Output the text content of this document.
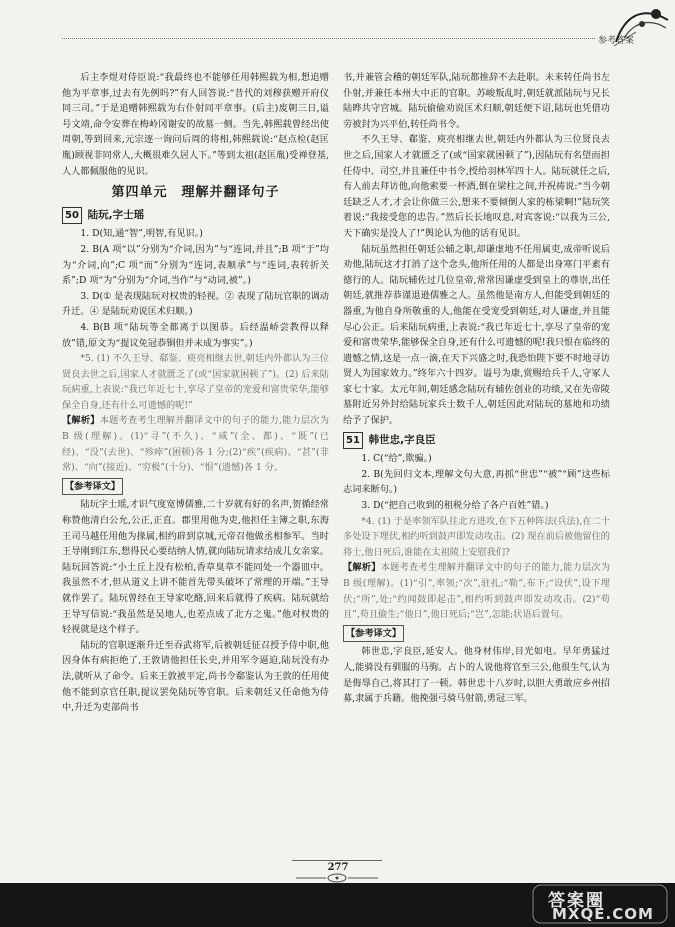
参考答案

后主李煜对侍臣说:“我最终也不能够任用韩熙载为相,想追赠他为平章事,过去有先例吗?”有人回答说:“昔代的刘穆获赠开府仪同三司。”于是追赠韩熙载为右仆射同平章事。(后主)废朝三日,谥号文靖,命令安葬在梅岭冈谢安的故墓一侧。当先,韩熙载曾经出使周朝,等到回来,元宗逐一询问后周的将相,韩熙载说:“赵点检(赵匡胤)顾视非同常人,大概很难久居人下。”等到太祖(赵匡胤)受禅登基,人人都佩服他的见识。

第四单元　理解并翻译句子
50 陆玩,字士瑶

1. D(知,通“智”,明智,有见识。)

2. B(A 项“以”分别为“介词,因为”与“连词,并且”;B 项“于”均为“介词,向”;C 项“而”分别为“连词,表顺承”与“连词,表转折关系”;D 项“为”分别为“介词,当作”与“动词,被”。)

3. D(① 是表现陆玩对权贵的轻视。② 表现了陆玩官职的调动升迁。④ 是陆玩劝说匡术归顺。)

4. B(B 项“陆玩等全都离于以图恭。后经温峤尝教得以释放”错,原文为“提议免冠恭铜但并未成为事实”。)

*5. (1) 不久王导、郗鉴、庾亮相继去世,朝廷内外都认为三位贤良去世之后,国家人才就匮乏了(或“国家就困顿了”)。(2) 后来陆玩病重,上表说:“我已年近七十,享尽了皇帝的宠爱和富贵荣华,能够保全自身,还有什么可遗憾的呢!”

【解析】本题考查考生理解并翻译文中的句子的能力,能力层次为 B 级(理解)。(1)“寻”(不久)、“咸”(全、都)、“既”(已经)、“没”(去世)、“殄瘁”(困顿)各 1 分;(2)“疾”(疾病)、“甚”(非常)、“向”(接近)、“穷极”(十分)、“恨”(遗憾)各 1 分。

【参考译文】

陆玩字士瑶,才识气度宽博儒雅,二十岁就有好的名声,贺循经常称赞他清白公允,公正,正直。郡里用他为吏,他担任主簿之职,东海王司马越任用他为掾属,相约辟到京城,元帝召他做丞相参军。当时王导刚到江东,想得民心要结纳人情,就向陆玩请求结成儿女亲家。陆玩回答说:“小土丘上没有松柏,香草臭草不能同处一个器皿中。我虽然不才,但从道义上讲不能首先带头破坏了常理的开端。”王导就作罢了。陆玩曾经在王导家吃酪,回来后就得了疾病。陆玩就给王导写信说:“我虽然是吴地人,也差点成了北方之鬼。”他对权贵的轻视就是这个样子。

陆玩的官职逐渐升迁至吞武将军,后被朝廷征召授予侍中职,他因身体有病拒绝了,王敦请他担任长史,并用军令逼迫,陆玩没有办法,就听从了命令。后来王敦被平定,尚书令郗鉴认为王敦的任用使他不能到京官任职,提议罢免陆玩等官职。后来朝廷又任命他为侍中,升迁为吏部尚书

书,并兼管会稽的朝廷军队,陆玩都推辞不去赴职。未来转任尚书左仆射,并兼任本州大中正的官职。苏峻叛乱时,朝廷就派陆玩与兄长陆晔共守宫城。陆玩偷偷劝说匡术归顺,朝廷便下诏,陆玩也凭借功劳被封为兴平伯,转任尚书令。

不久王导、郗鉴、庾亮相继去世,朝廷内外都认为三位贤良去世之后,国家人才就匮乏了(或“国家就困顿了”),因陆玩有名望而担任侍中、司空,并且兼任中书令,授给羽林军四十人。陆玩就任之后,有人前去拜访他,向他索要一杯酒,倒在梁柱之间,并祝祷说:“当今朝廷缺乏人才,才会让你做三公,想来不要倾倒人家的栋梁啊!”陆玩笑着说:“我接受您的忠告。”然后长长地叹息,对宾客说:“以我为三公,天下确实是没人了!”舆论认为他的话有见识。

陆玩虽然担任朝廷公辅之职,却谦虚地不任用属吏,成帝听说后劝他,陆玩这才打消了这个念头,他所任用的人都是出身寒门平素有德行的人。陆玩辅佐过几位皇帝,常常因谦虚受到皇上的尊崇,出任朝廷,就推荐恭谨退逊儒雅之人。虽然他是南方人,但能受到朝廷的器重,为他自身所敬重的人,他能在受宠受到朝廷,对人谦虚,并且能尽心公正。后来陆玩病重,上表说:“我已年近七十,享尽了皇帝的宠爱和富贵荣华,能够保全自身,还有什么可遗憾的呢!我只恨在临终的遗憾之情,这是一点一滴,在天下兴盛之时,我恐怕陛下要不时地寻访贤人为国家效力。”终年六十四岁。谥号为康,赏赐给兵千人,守冢人家七十家。太元年间,朝廷感念陆玩有辅佐创业的功绩,又在先帝陵墓附近另外封给陆玩家兵士数千人,朝廷因此对陆玩的墓地和功绩给予了保护。

51 韩世忠,字良臣

1. C(“给”,欺骗。)

2. B(先回归文本,理解文句大意,再抓“世忠”“被”“顾”这些标志词来断句。)

3. D(“把自己收到的租税分给了各户百姓”错。)

*4. (1) 于是率领军队往北方进攻,在下五种阵法(兵法),在二十多处设下埋伏,相约听到鼓声即发动攻击。(2) 现在前后被他留住的将士,他日死后,谁能在太祖陵上安慰我们?

【解析】本题考查考生理解并翻译文中的句子的能力,能力层次为 B 级(理解)。(1)“引”,率领;“次”,驻扎;“勒”,布下;“设伏”,设下埋伏;“所”,处;“约闻鼓即起击”,相约听到鼓声即发动攻击。(2)“苟且”,苟且偷生;“他日”,他日死后;“岂”,怎能;状语后置句。

【参考译文】

韩世忠,字良臣,延安人。他身材伟岸,目光如电。早年勇猛过人,能骑没有驯服的马驹。占卜的人说他将官至三公,他很生气,认为是侮辱自己,将其打了一顿。韩世忠十八岁时,以胆大勇敢应乡州招募,隶属于兵籍。他挽强弓骑马射箭,勇冠三军。

277
答案圈
MXQE.COM
